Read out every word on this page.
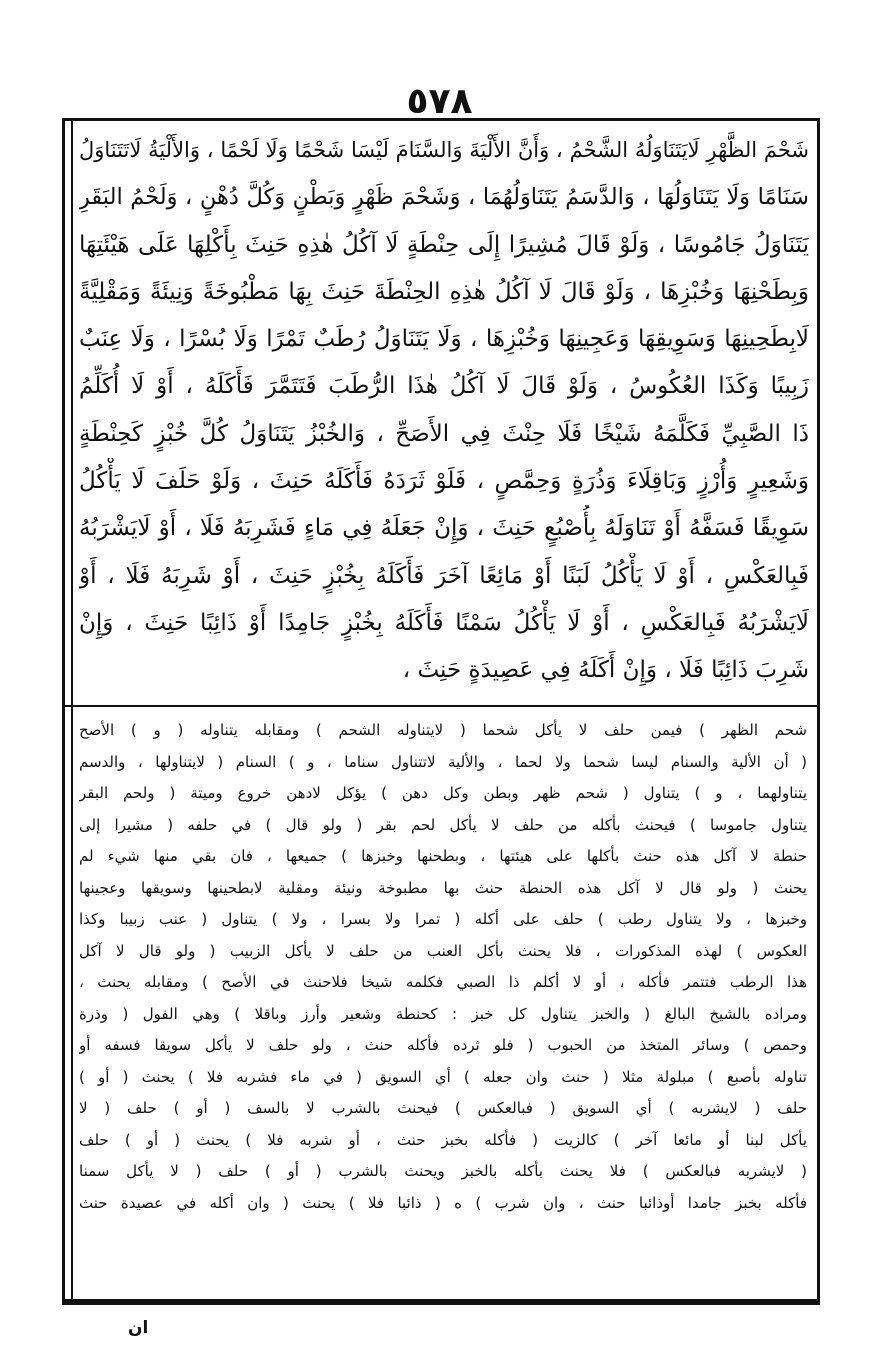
٥٧٨
شَحْمَ الظَّهْرِ لَايَتَنَاوَلُهُ الشَّحْمُ ، وَأَنَّ الأَلْيَةَ وَالسَّنَامَ لَيْسَا شَحْمًا وَلَا لَحْمًا ، وَالأَلْيَةُ لَاتَتَنَاوَلُ
سَنَامًا وَلَا يَتَنَاوَلُهَا ، وَالدَّسَمُ يَتَنَاوَلُهُمَا ، وَشَحْمَ ظَهْرٍ وَبَطْنٍ وَكُلَّ دُهْنٍ ، وَلَحْمُ البَقَرِ
يَتَنَاوَلُ جَامُوسًا ، وَلَوْ قَالَ مُشِيرًا إِلَى حِنْطَةٍ لَا آكُلُ هٰذِهِ حَنِثَ بِأَكْلِهَا عَلَى هَيْئَتِهَا
وَبِطَحْنِهَا وَخُبْزِهَا ، وَلَوْ قَالَ لَا آكُلُ هٰذِهِ الحِنْطَةَ حَنِثَ بِهَا مَطْبُوخَةً وَنِيئَةً وَمَقْلِيَّةً
لَابِطَحِينِهَا وَسَوِيقِهَا وَعَجِينِهَا وَخُبْزِهَا ، وَلَا يَتَنَاوَلُ رُطَبٌ تَمْرًا وَلَا بُسْرًا ، وَلَا عِنَبٌ
زَبِيبًا وَكَذَا العُكُوسُ ، وَلَوْ قَالَ لَا آكُلُ هٰذَا الرُّطَبَ فَتَتَمَّرَ فَأَكَلَهُ ، أَوْ لَا أُكَلِّمُ
ذَا الصَّبِيِّ فَكَلَّمَهُ شَيْخًا فَلَا حِنْثَ فِي الأَصَحِّ ، وَالخُبْزُ يَتَنَاوَلُ كُلَّ خُبْزٍ كَحِنْطَةٍ
وَشَعِيرٍ وَأُرْزٍ وَبَاقِلَاءَ وَذُرَةٍ وَحِمَّصٍ ، فَلَوْ ثَرَدَهُ فَأَكَلَهُ حَنِثَ ، وَلَوْ حَلَفَ لَا يَأْكُلُ
سَوِيقًا فَسَفَّهُ أَوْ تَنَاوَلَهُ بِأُصْبُعٍ حَنِثَ ، وَإِنْ جَعَلَهُ فِي مَاءٍ فَشَرِبَهُ فَلَا ، أَوْ لَايَشْرَبُهُ
فَبِالعَكْسِ ، أَوْ لَا يَأْكُلُ لَبَنًا أَوْ مَائِعًا آخَرَ فَأَكَلَهُ بِخُبْزٍ حَنِثَ ، أَوْ شَرِبَهُ فَلَا ، أَوْ
لَايَشْرَبُهُ فَبِالعَكْسِ ، أَوْ لَا يَأْكُلُ سَمْنًا فَأَكَلَهُ بِخُبْزٍ جَامِدًا أَوْ ذَائِبًا حَنِثَ ، وَإِنْ
شَرِبَ ذَائِبًا فَلَا ، وَإِنْ أَكَلَهُ فِي عَصِيدَةٍ حَنِثَ ،
شحم الظهر ) فيمن حلف لا يأكل شحما ( لايتناوله الشحم ) ومقابله يتناوله ( و ) الأصح
( أن الألية والسنام ليسا شحما ولا لحما ، والألية لاتتناول سناما ، و ) السنام ( لايتناولها ، والدسم
يتناولهما ، و ) يتناول ( شحم ظهر وبطن وكل دهن ) يؤكل لادهن خروع وميتة ( ولحم البقر
يتناول جاموسا ) فيحنث بأكله من حلف لا يأكل لحم بقر ( ولو قال ) في حلفه ( مشيرا إلى
حنطة لا آكل هذه حنث بأكلها على هيئتها ، وبطحنها وخبزها ) جميعها ، فان بقي منها شيء لم
يحنث ( ولو قال لا آكل هذه الحنطة حنث بها مطبوخة ونيئة ومقلية لابطحينها وسويقها وعجينها
وخبزها ، ولا يتناول رطب ) حلف على أكله ( تمرا ولا بسرا ، ولا ) يتناول ( عنب زبيبا وكذا
العكوس ) لهذه المذكورات ، فلا يحنث بأكل العنب من حلف لا يأكل الزبيب ( ولو قال لا آكل
هذا الرطب فتتمر فأكله ، أو لا أكلم ذا الصبي فكلمه شيخا فلاحنث في الأصح ) ومقابله يحنث ،
ومراده بالشيخ البالغ ( والخبز يتناول كل خبز : كحنطة وشعير وأرز وباقلا ) وهي الفول ( وذرة
وحمص ) وسائر المتخذ من الحبوب ( فلو ثرده فأكله حنث ، ولو حلف لا يأكل سويقا فسفه أو
تناوله بأصبع ) مبلولة مثلا ( حنث وان جعله ) أي السويق ( في ماء فشربه فلا ) يحنث ( أو )
حلف ( لايشربه ) أي السويق ( فبالعكس ) فيحنث بالشرب لا بالسف ( أو ) حلف ( لا
يأكل لبنا أو مائعا آخر ) كالزيت ( فأكله بخبز حنث ، أو شربه فلا ) يحنث ( أو ) حلف
( لايشربه فبالعكس ) فلا يحنث بأكله بالخبز ويحنث بالشرب ( أو ) حلف ( لا يأكل سمنا
فأكله بخبز جامدا أوذائبا حنث ، وان شرب ) ه ( ذائبا فلا ) يحنث ( وان أكله في عصيدة حنث
ان
